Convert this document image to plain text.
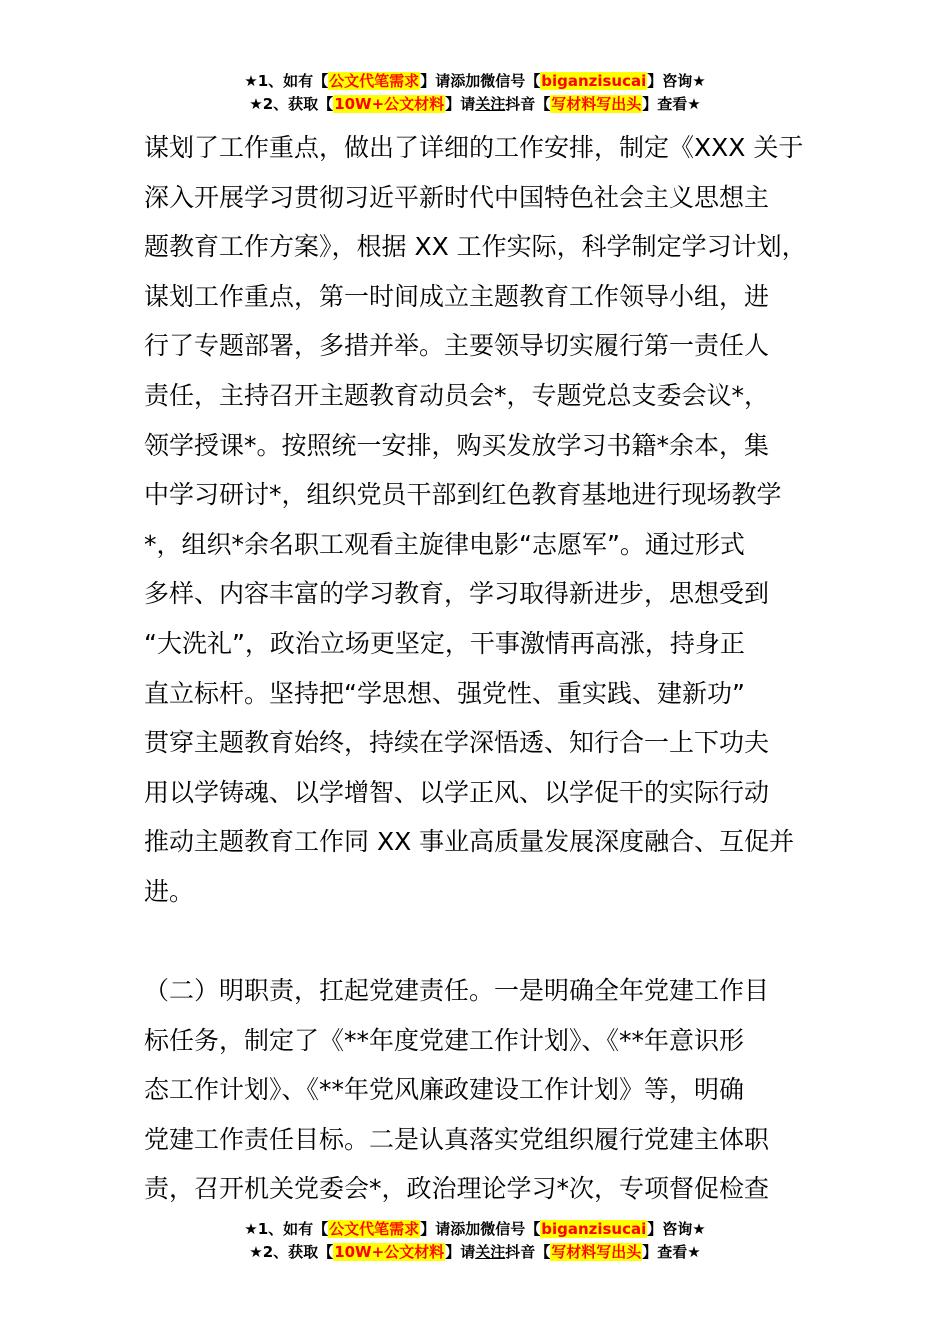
★1、如有【公文代笔需求】请添加微信号【biganzisucai】咨询★
★2、获取【10W+公文材料】请关注抖音【写材料写出头】查看★

谋划了工作重点，做出了详细的工作安排，制定《XXX 关于
深入开展学习贯彻习近平新时代中国特色社会主义思想主
题教育工作方案》，根据 XX 工作实际，科学制定学习计划，
谋划工作重点，第一时间成立主题教育工作领导小组，进
行了专题部署，多措并举。主要领导切实履行第一责任人
责任，主持召开主题教育动员会*，专题党总支委会议*，
领学授课*。按照统一安排，购买发放学习书籍*余本，集
中学习研讨*，组织党员干部到红色教育基地进行现场教学
*，组织*余名职工观看主旋律电影“志愿军”。通过形式
多样、内容丰富的学习教育，学习取得新进步，思想受到
“大洗礼”，政治立场更坚定，干事激情再高涨，持身正
直立标杆。坚持把“学思想、强党性、重实践、建新功”
贯穿主题教育始终，持续在学深悟透、知行合一上下功夫
用以学铸魂、以学增智、以学正风、以学促干的实际行动
推动主题教育工作同 XX 事业高质量发展深度融合、互促并
进。

（二）明职责，扛起党建责任。一是明确全年党建工作目
标任务，制定了《**年度党建工作计划》、《**年意识形
态工作计划》、《**年党风廉政建设工作计划》等，明确
党建工作责任目标。二是认真落实党组织履行党建主体职
责，召开机关党委会*，政治理论学习*次，专项督促检查

★1、如有【公文代笔需求】请添加微信号【biganzisucai】咨询★
★2、获取【10W+公文材料】请关注抖音【写材料写出头】查看★
